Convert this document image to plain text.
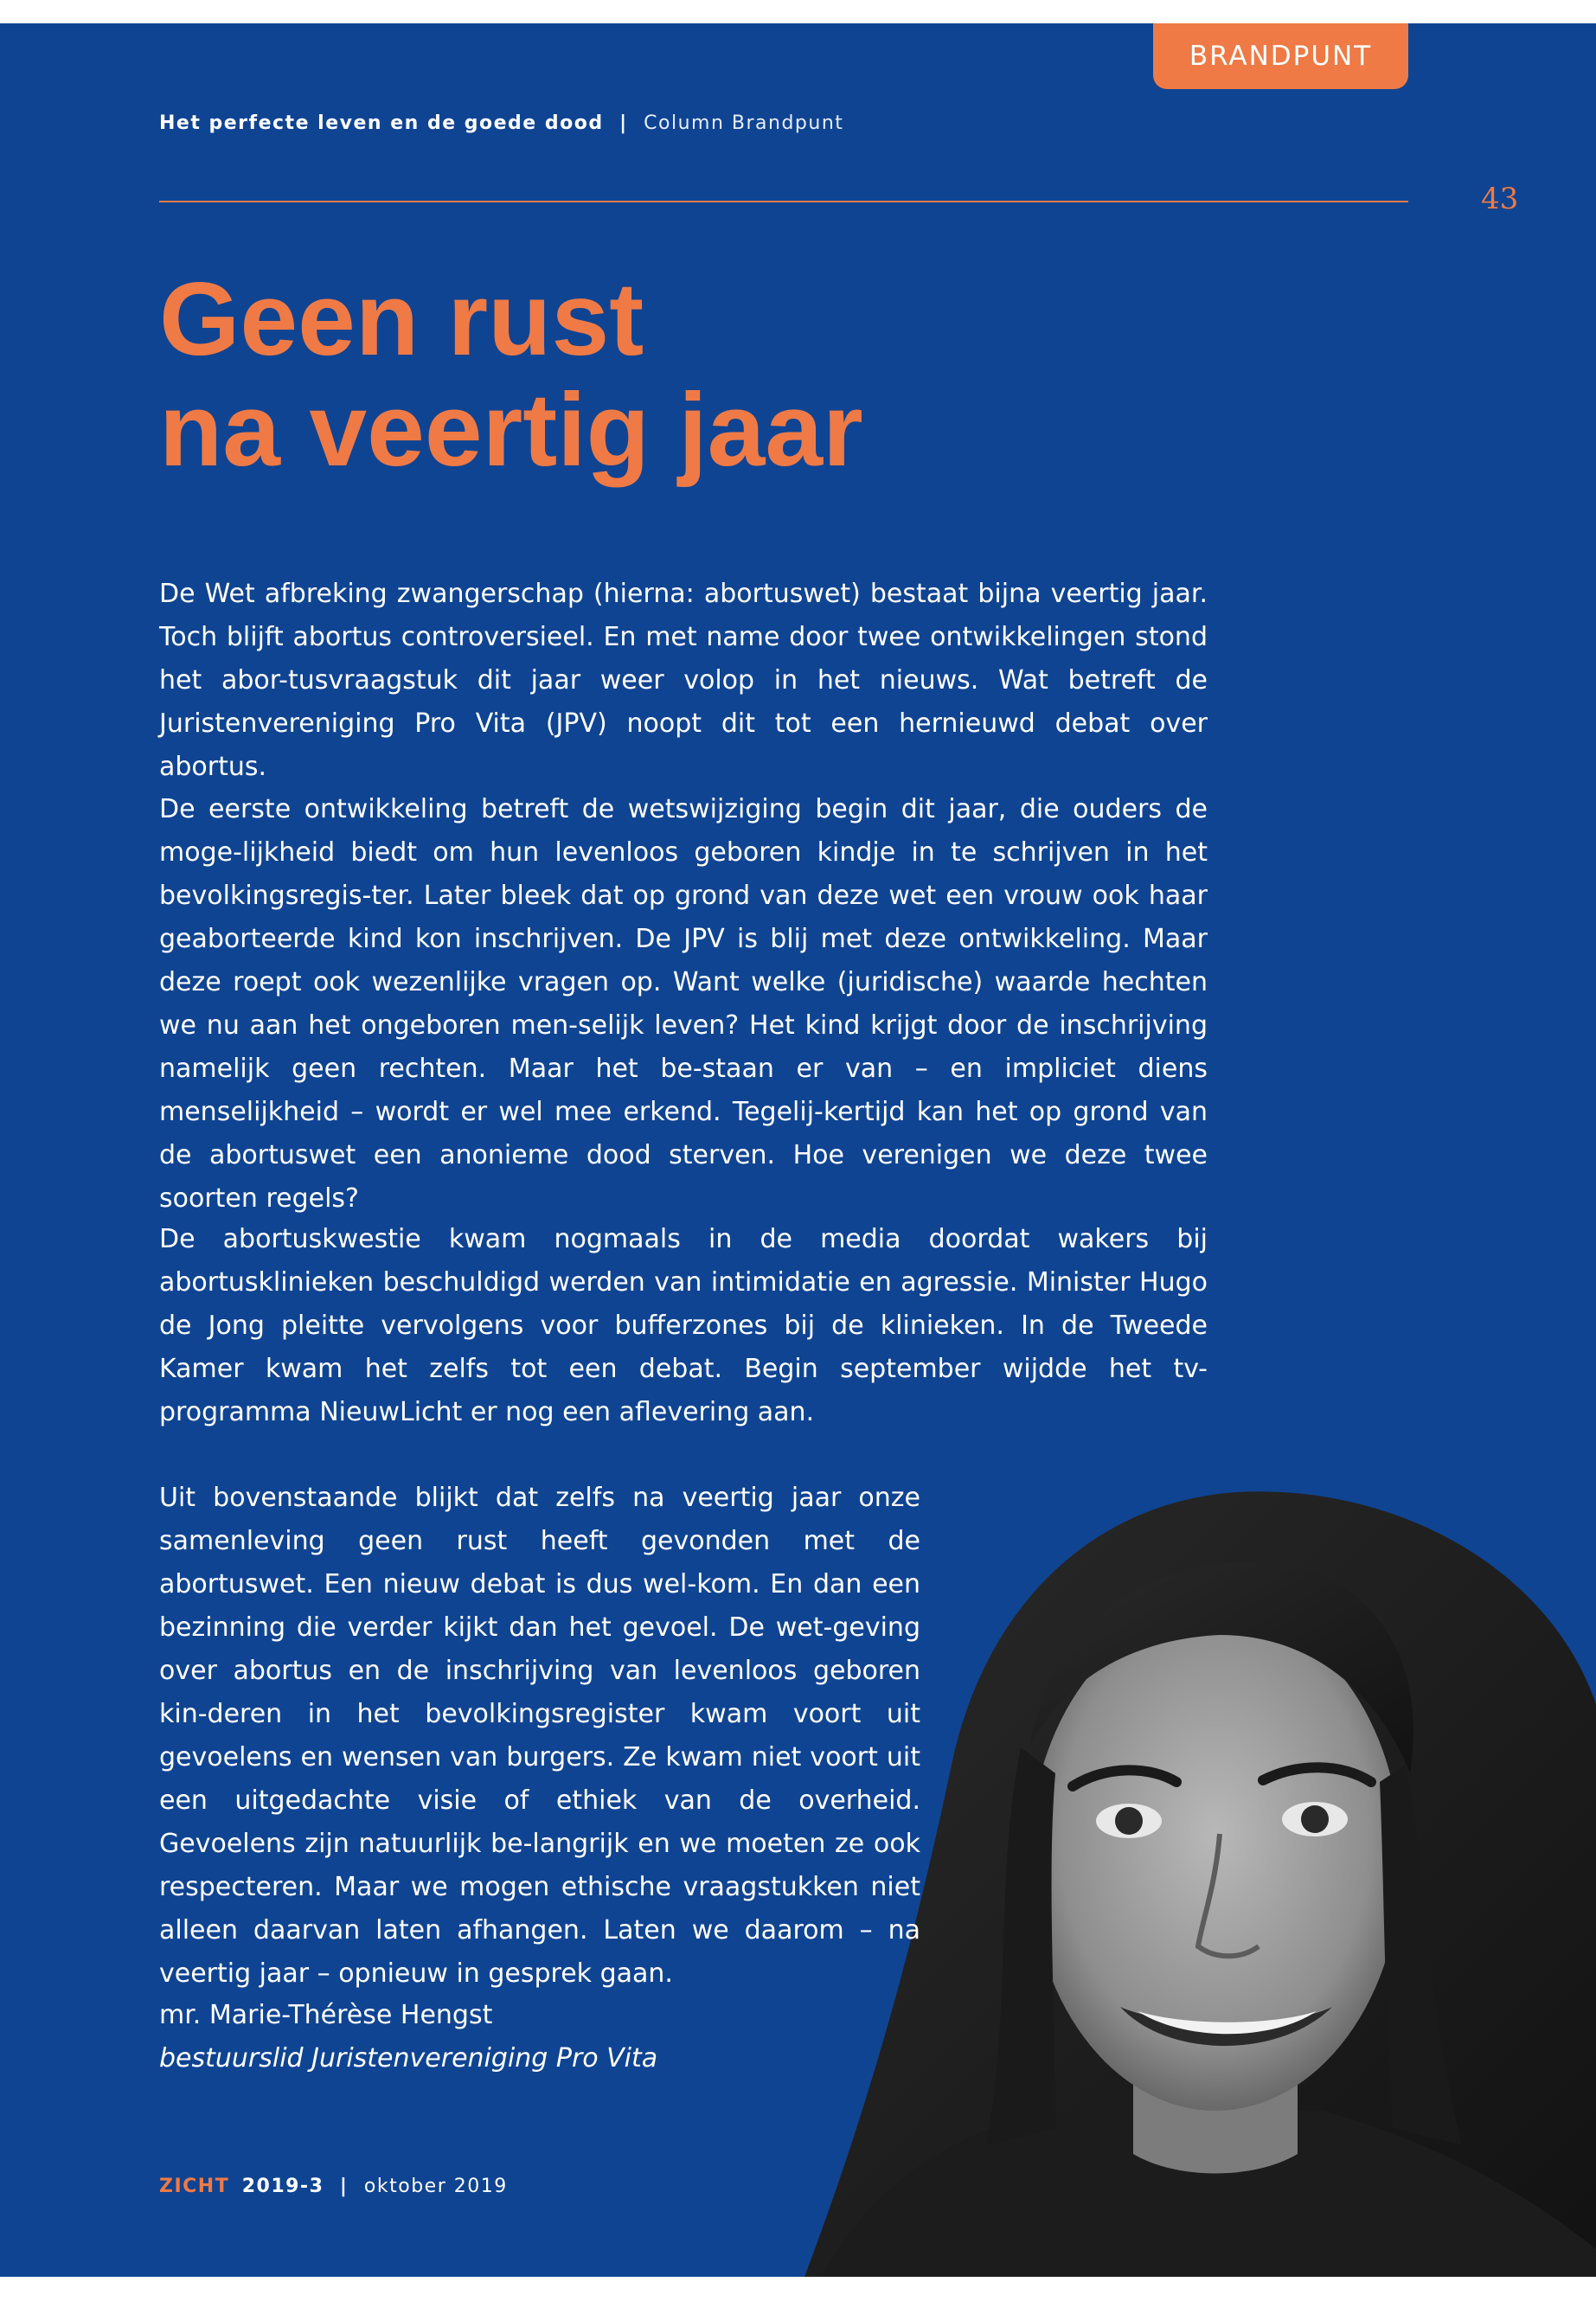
BRANDPUNT
Het perfecte leven en de goede dood | Column Brandpunt
43
Geen rust
na veertig jaar

De Wet afbreking zwangerschap (hierna: abortuswet) bestaat bijna veertig jaar. Toch blijft abortus controversieel. En met name door twee ontwikkelingen stond het abor-tusvraagstuk dit jaar weer volop in het nieuws. Wat betreft de Juristenvereniging Pro Vita (JPV) noopt dit tot een hernieuwd debat over abortus.

De eerste ontwikkeling betreft de wetswijziging begin dit jaar, die ouders de moge-lijkheid biedt om hun levenloos geboren kindje in te schrijven in het bevolkingsregis-ter. Later bleek dat op grond van deze wet een vrouw ook haar geaborteerde kind kon inschrijven. De JPV is blij met deze ontwikkeling. Maar deze roept ook wezenlijke vragen op. Want welke (juridische) waarde hechten we nu aan het ongeboren men-selijk leven? Het kind krijgt door de inschrijving namelijk geen rechten. Maar het be-staan er van – en impliciet diens menselijkheid – wordt er wel mee erkend. Tegelij-kertijd kan het op grond van de abortuswet een anonieme dood sterven. Hoe verenigen we deze twee soorten regels?

De abortuskwestie kwam nogmaals in de media doordat wakers bij abortusklinieken beschuldigd werden van intimidatie en agressie. Minister Hugo de Jong pleitte vervolgens voor bufferzones bij de klinieken. In de Tweede Kamer kwam het zelfs tot een debat. Begin september wijdde het tv-programma NieuwLicht er nog een aflevering aan.

Uit bovenstaande blijkt dat zelfs na veertig jaar onze samenleving geen rust heeft gevonden met de abortuswet. Een nieuw debat is dus wel-kom. En dan een bezinning die verder kijkt dan het gevoel. De wet-geving over abortus en de inschrijving van levenloos geboren kin-deren in het bevolkingsregister kwam voort uit gevoelens en wensen van burgers. Ze kwam niet voort uit een uitgedachte visie of ethiek van de overheid. Gevoelens zijn natuurlijk be-langrijk en we moeten ze ook respecteren. Maar we mogen ethische vraagstukken niet alleen daarvan laten afhangen. Laten we daarom – na veertig jaar – opnieuw in gesprek gaan.

mr. Marie-Thérèse Hengst
bestuurslid Juristenvereniging Pro Vita
ZICHT 2019-3 | oktober 2019
